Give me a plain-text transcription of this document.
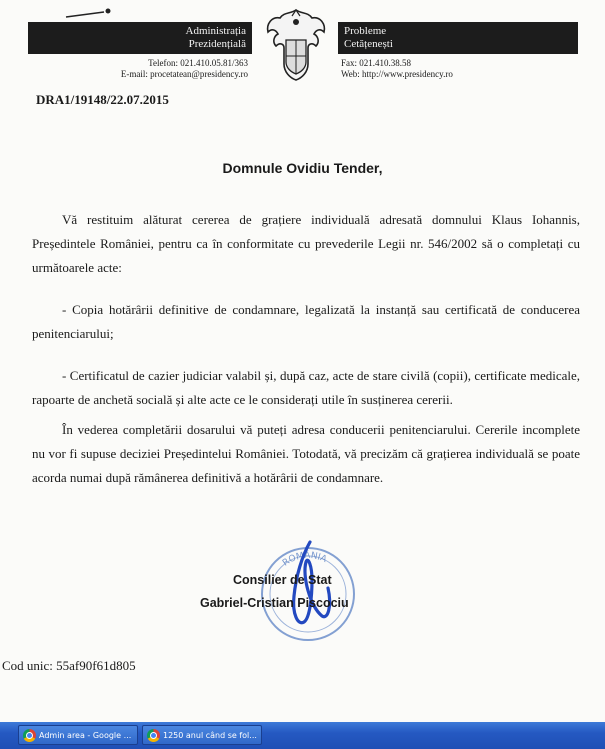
Administrația
Prezidențială
Telefon: 021.410.05.81/363
E-mail: procetatean@presidency.ro
Probleme
Cetățenești
Fax: 021.410.38.58
Web: http://www.presidency.ro
DRA1/19148/22.07.2015
Domnule Ovidiu Tender,
Vă restituim alăturat cererea de grațiere individuală adresată domnului Klaus Iohannis, Președintele României, pentru ca în conformitate cu prevederile Legii nr. 546/2002 să o completați cu următoarele acte:
- Copia hotărârii definitive de condamnare, legalizată la instanță sau certificată de conducerea penitenciarului;
- Certificatul de cazier judiciar valabil și, după caz, acte de stare civilă (copii), certificate medicale, rapoarte de anchetă socială și alte acte ce le considerați utile în susținerea cererii.
În vederea completării dosarului vă puteți adresa conducerii penitenciarului. Cererile incomplete nu vor fi supuse deciziei Președintelui României. Totodată, vă precizăm că grațierea individuală se poate acorda numai după rămânerea definitivă a hotărârii de condamnare.
ROMÂNIA
Consilier de Stat
Gabriel-Cristian Piscociu
Cod unic: 55af90f61d805
Admin area - Google ...	1250 anul când se fol...
